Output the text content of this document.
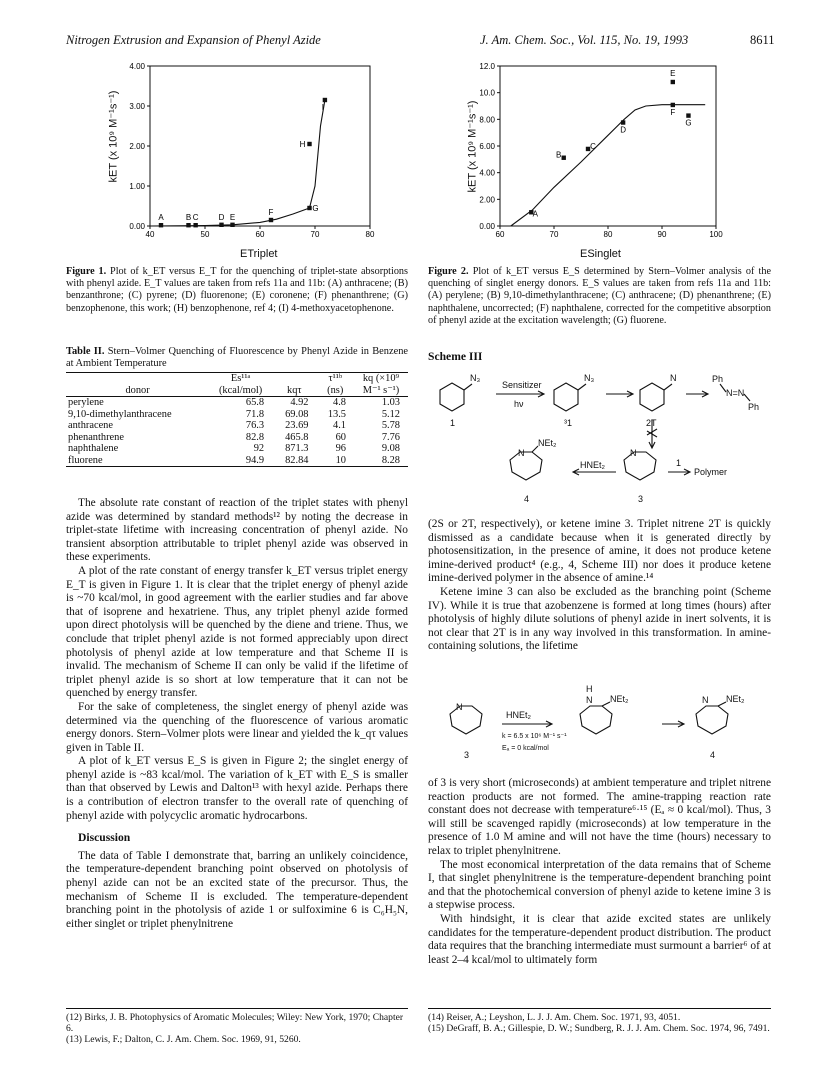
Nitrogen Extrusion and Expansion of Phenyl Azide	J. Am. Chem. Soc., Vol. 115, No. 19, 1993	8611
40	50	60	70	80
0.00
1.00
2.00
3.00
4.00
A	B C	D E
F	G
H
I
kET (x 10⁹ M⁻¹s⁻¹)
ETriplet
Figure 1. Plot of k_ET versus E_T for the quenching of triplet-state absorptions with phenyl azide. E_T values are taken from refs 11a and 11b: (A) anthracene; (B) benzanthrone; (C) pyrene; (D) fluorenone; (E) coronene; (F) phenanthrene; (G) benzophenone, this work; (H) benzophenone, ref 4; (I) 4-methoxyacetophenone.
Table II. Stern–Volmer Quenching of Fluorescence by Phenyl Azide in Benzene at Ambient Temperature
	Es¹¹ᵃ		τ¹¹ᵇ	kq (×10⁹
donor	(kcal/mol)	kqτ	(ns)	M⁻¹ s⁻¹)
perylene	65.8	4.92	4.8	1.03
9,10-dimethylanthracene	71.8	69.08	13.5	5.12
anthracene	76.3	23.69	4.1	5.78
phenanthrene	82.8	465.8	60	7.76
naphthalene	92	871.3	96	9.08
fluorene	94.9	82.84	10	8.28

The absolute rate constant of reaction of the triplet states with phenyl azide was determined by standard methods¹² by noting the decrease in triplet-state lifetime with increasing concentration of phenyl azide. No transient absorption attributable to triplet phenyl azide was observed in these experiments.

A plot of the rate constant of energy transfer k_ET versus triplet energy E_T is given in Figure 1. It is clear that the triplet energy of phenyl azide is ~70 kcal/mol, in good agreement with the earlier studies and far above that of isoprene and hexatriene. Thus, any triplet phenyl azide formed upon direct photolysis will be quenched by the diene and triene. Thus, we conclude that triplet phenyl azide is not formed appreciably upon direct photolysis of phenyl azide at low temperature and that Scheme II is invalid. The mechanism of Scheme II can only be valid if the lifetime of triplet phenyl azide is so short at low temperature that it can not be quenched by energy transfer.

For the sake of completeness, the singlet energy of phenyl azide was determined via the quenching of the fluorescence of various aromatic energy donors. Stern–Volmer plots were linear and yielded the k_qτ values given in Table II.

A plot of k_ET versus E_S is given in Figure 2; the singlet energy of phenyl azide is ~83 kcal/mol. The variation of k_ET with E_S is smaller than that observed by Lewis and Dalton¹³ with hexyl azide. Perhaps there is a contribution of electron transfer to the overall rate of quenching of phenyl azide with polycyclic aromatic hydrocarbons.

Discussion

The data of Table I demonstrate that, barring an unlikely coincidence, the temperature-dependent branching point observed on photolysis of phenyl azide can not be an excited state of the precursor. Thus, the mechanism of Scheme II is excluded. The temperature-dependent branching point in the photolysis of azide 1 or sulfoximine 6 is C₆H₅N, either singlet or triplet phenylnitrene

(12) Birks, J. B. Photophysics of Aromatic Molecules; Wiley: New York, 1970; Chapter 6.
(13) Lewis, F.; Dalton, C. J. Am. Chem. Soc. 1969, 91, 5260.
60	70	80	90	100
0.00
2.00
4.00
6.00
8.00
10.0
12.0
A
B
C
D
E
F
G
kET (x 10⁹ M⁻¹s⁻¹)
ESinglet
Figure 2. Plot of k_ET versus E_S determined by Stern–Volmer analysis of the quenching of singlet energy donors. E_S values are taken from refs 11a and 11b: (A) perylene; (B) 9,10-dimethylanthracene; (C) anthracene; (D) phenanthrene; (E) naphthalene, uncorrected; (F) naphthalene, corrected for the competitive absorption of phenyl azide at the excitation wavelength; (G) fluorene.
Scheme III
N₃
Sensitizer
hν
N₃	N	Ph
N=N
Ph
1	³1	2T
N
NEt₂
HNEt₂
N
1
Polymer
4	3

(2S or 2T, respectively), or ketene imine 3. Triplet nitrene 2T is quickly dismissed as a candidate because when it is generated directly by photosensitization, in the presence of amine, it does not produce ketene imine-derived product⁴ (e.g., 4, Scheme III) nor does it produce ketene imine-derived polymer in the absence of amine.¹⁴

Ketene imine 3 can also be excluded as the branching point (Scheme IV). While it is true that azobenzene is formed at long times (hours) after photolysis of highly dilute solutions of phenyl azide in inert solvents, it is not clear that 2T is in any way involved in this transformation. In amine-containing solutions, the lifetime

N
HNEt₂
k = 6.5 x 10⁶ M⁻¹ s⁻¹
Eₐ = 0 kcal/mol
H
N NEt₂	N NEt₂
3	4

of 3 is very short (microseconds) at ambient temperature and triplet nitrene reaction products are not formed. The amine-trapping reaction rate constant does not decrease with temperature⁶·¹⁵ (Eₐ ≈ 0 kcal/mol). Thus, 3 will still be scavenged rapidly (microseconds) at low temperature in the presence of 1.0 M amine and will not have the time (hours) necessary to relax to triplet phenylnitrene.

The most economical interpretation of the data remains that of Scheme I, that singlet phenylnitrene is the temperature-dependent branching point and that the photochemical conversion of phenyl azide to ketene imine 3 is a stepwise process.

With hindsight, it is clear that azide excited states are unlikely candidates for the temperature-dependent product distribution. The product data requires that the branching intermediate must surmount a barrier⁶ of at least 2–4 kcal/mol to ultimately form

(14) Reiser, A.; Leyshon, L. J. J. Am. Chem. Soc. 1971, 93, 4051.
(15) DeGraff, B. A.; Gillespie, D. W.; Sundberg, R. J. J. Am. Chem. Soc. 1974, 96, 7491.
